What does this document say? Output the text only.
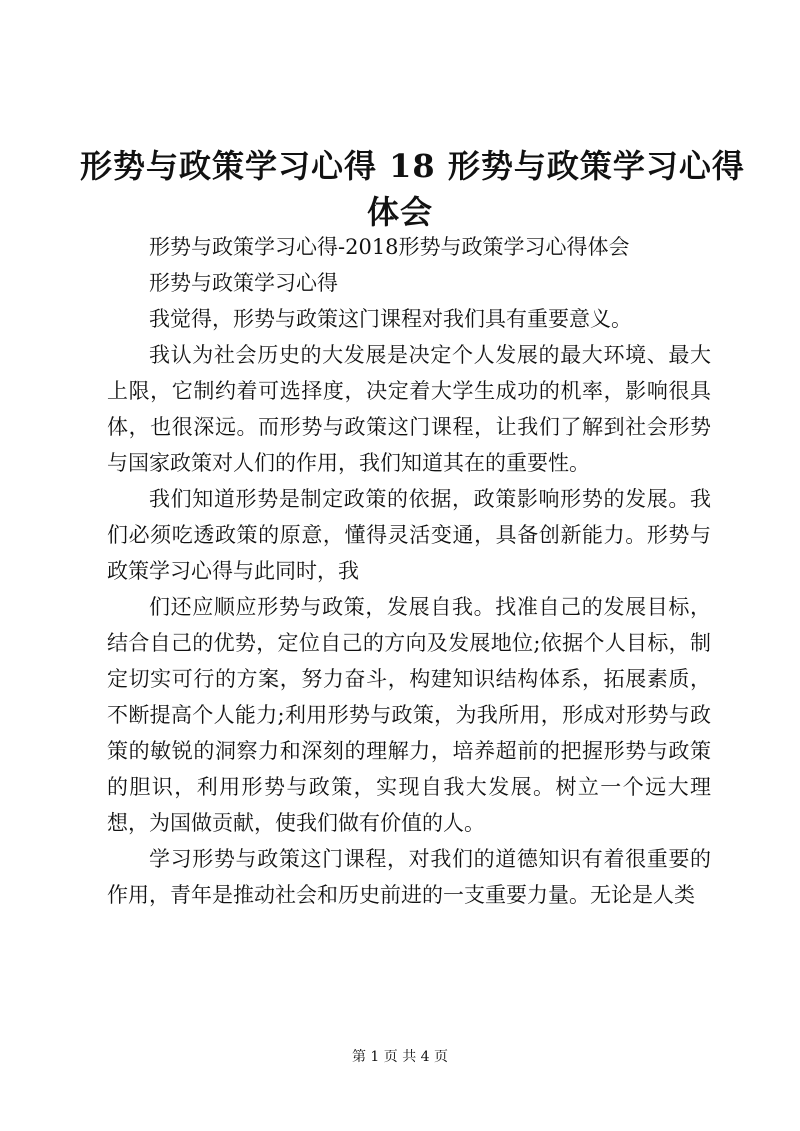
形势与政策学习心得 18 形势与政策学习心得
体会

形势与政策学习心得-2018形势与政策学习心得体会

形势与政策学习心得

我觉得，形势与政策这门课程对我们具有重要意义。

我认为社会历史的大发展是决定个人发展的最大环境、最大上限，它制约着可选择度，决定着大学生成功的机率，影响很具体，也很深远。而形势与政策这门课程，让我们了解到社会形势与国家政策对人们的作用，我们知道其在的重要性。

我们知道形势是制定政策的依据，政策影响形势的发展。我们必须吃透政策的原意，懂得灵活变通，具备创新能力。形势与政策学习心得与此同时，我

们还应顺应形势与政策，发展自我。找准自己的发展目标，结合自己的优势，定位自己的方向及发展地位;依据个人目标，制定切实可行的方案，努力奋斗，构建知识结构体系，拓展素质，不断提高个人能力;利用形势与政策，为我所用，形成对形势与政策的敏锐的洞察力和深刻的理解力，培养超前的把握形势与政策的胆识，利用形势与政策，实现自我大发展。树立一个远大理想，为国做贡献，使我们做有价值的人。

学习形势与政策这门课程，对我们的道德知识有着很重要的作用，青年是推动社会和历史前进的一支重要力量。无论是人类

第 1 页 共 4 页
